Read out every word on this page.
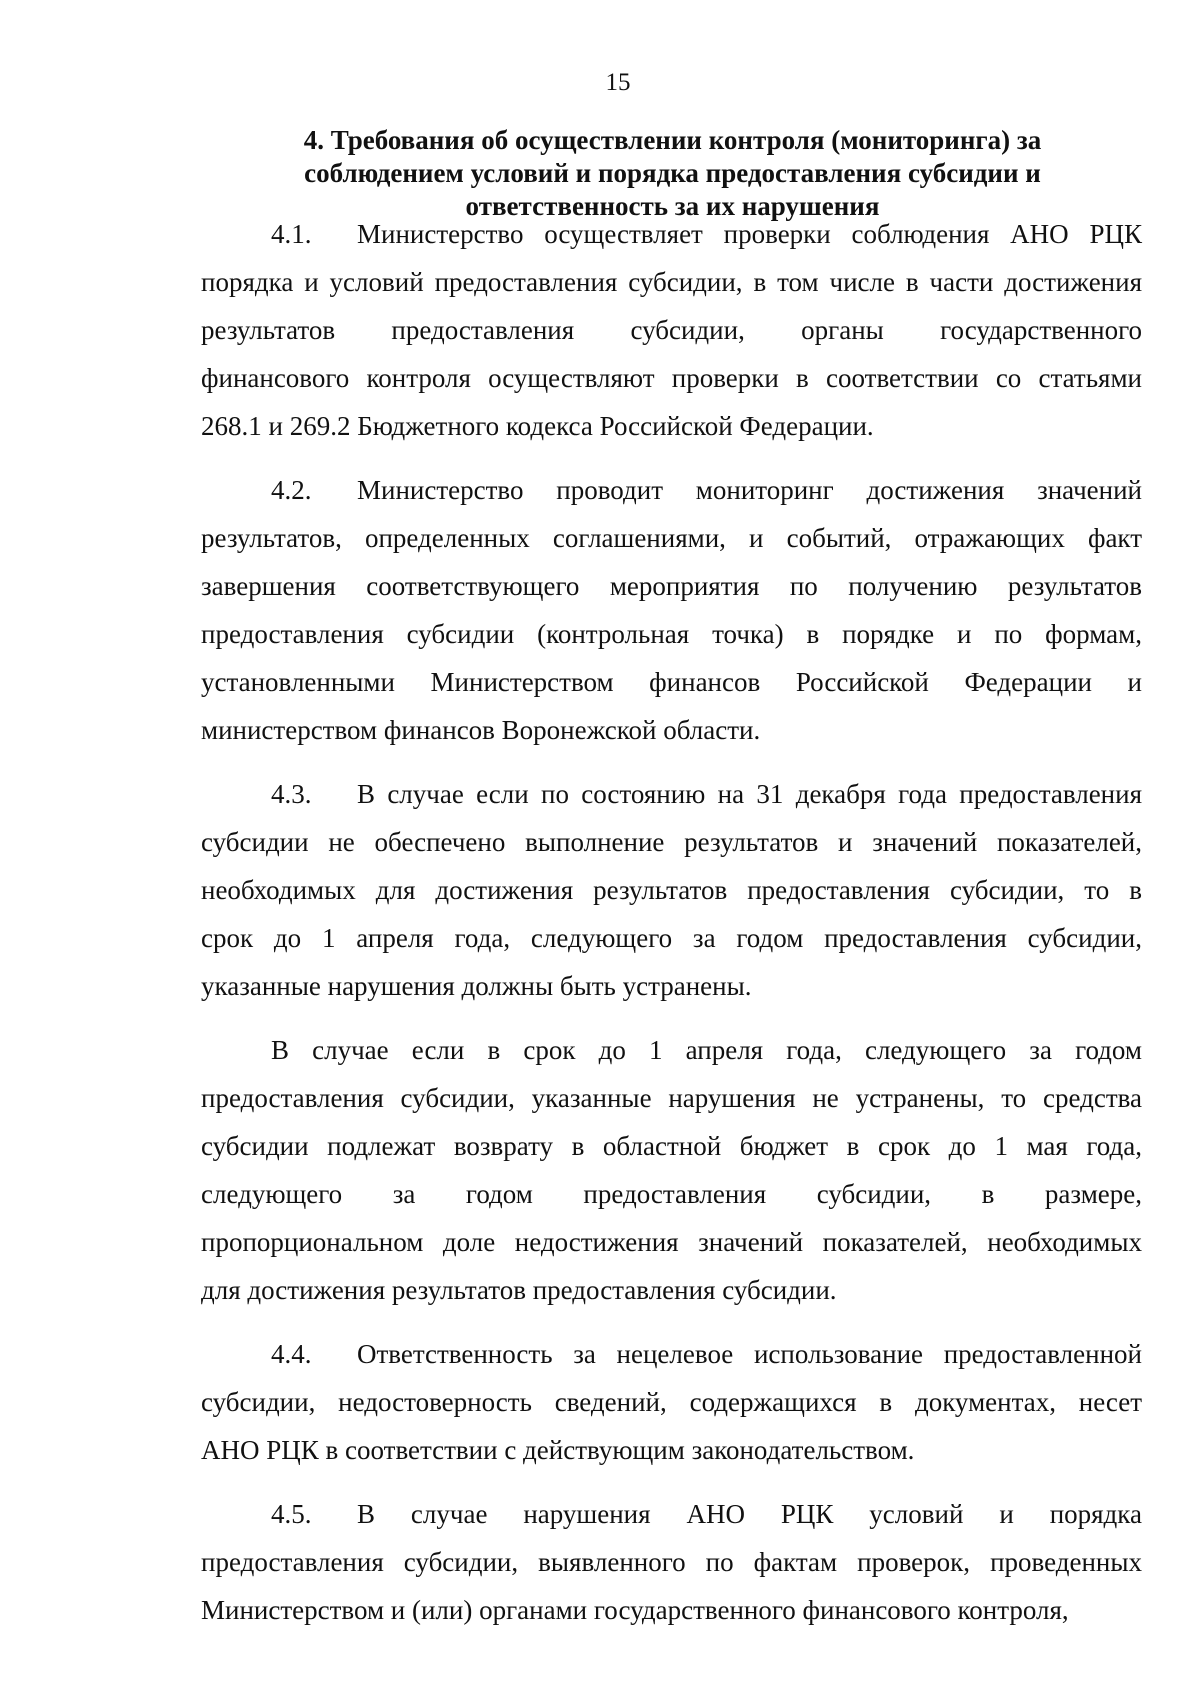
15
4. Требования об осуществлении контроля (мониторинга) за
соблюдением условий и порядка предоставления субсидии и
ответственность за их нарушения
4.1. Министерство осуществляет проверки соблюдения АНО РЦК
порядка и условий предоставления субсидии, в том числе в части достижения
результатов предоставления субсидии, органы государственного
финансового контроля осуществляют проверки в соответствии со статьями
268.1 и 269.2 Бюджетного кодекса Российской Федерации.
4.2. Министерство проводит мониторинг достижения значений
результатов, определенных соглашениями, и событий, отражающих факт
завершения соответствующего мероприятия по получению результатов
предоставления субсидии (контрольная точка) в порядке и по формам,
установленными Министерством финансов Российской Федерации и
министерством финансов Воронежской области.
4.3. В случае если по состоянию на 31 декабря года предоставления
субсидии не обеспечено выполнение результатов и значений показателей,
необходимых для достижения результатов предоставления субсидии, то в
срок до 1 апреля года, следующего за годом предоставления субсидии,
указанные нарушения должны быть устранены.
В случае если в срок до 1 апреля года, следующего за годом
предоставления субсидии, указанные нарушения не устранены, то средства
субсидии подлежат возврату в областной бюджет в срок до 1 мая года,
следующего за годом предоставления субсидии, в размере,
пропорциональном доле недостижения значений показателей, необходимых
для достижения результатов предоставления субсидии.
4.4. Ответственность за нецелевое использование предоставленной
субсидии, недостоверность сведений, содержащихся в документах, несет
АНО РЦК в соответствии с действующим законодательством.
4.5. В случае нарушения АНО РЦК условий и порядка
предоставления субсидии, выявленного по фактам проверок, проведенных
Министерством и (или) органами государственного финансового контроля,
